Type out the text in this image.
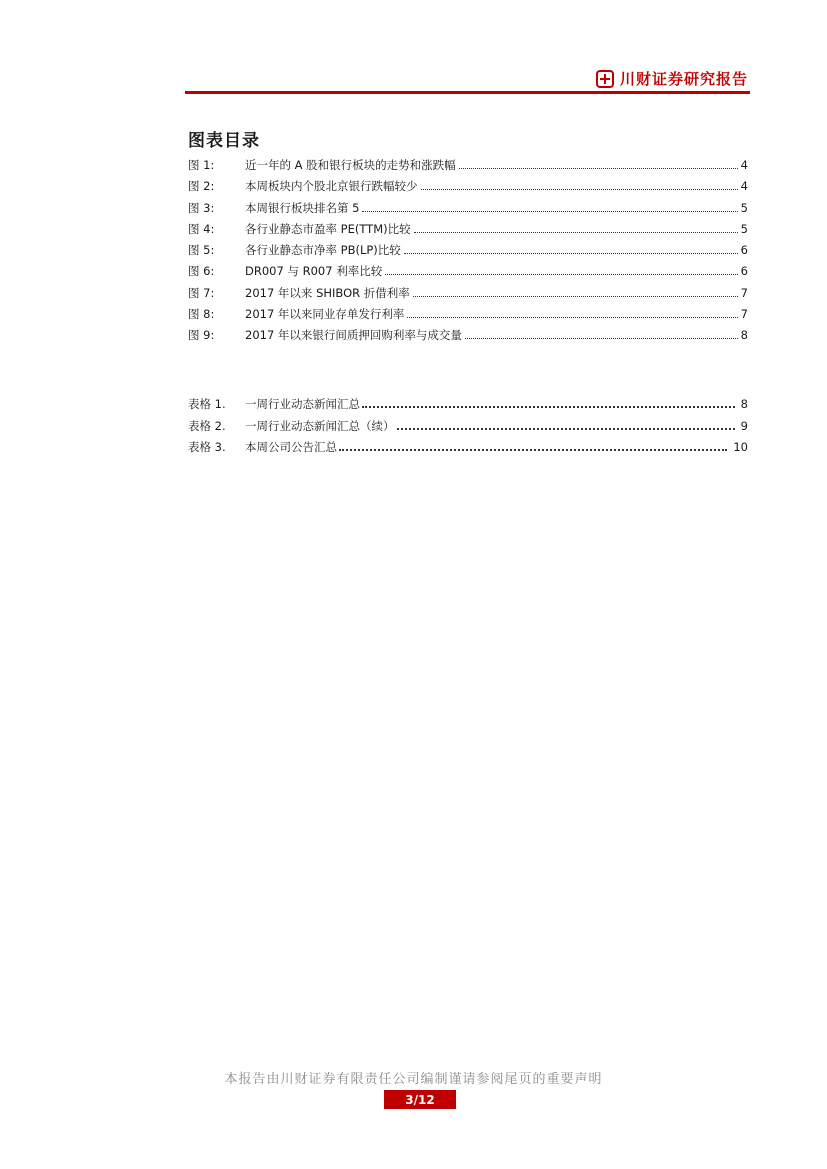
川财证券研究报告
图表目录
图 1:	近一年的 A 股和银行板块的走势和涨跌幅	4
图 2:	本周板块内个股北京银行跌幅较少	4
图 3:	本周银行板块排名第 5	5
图 4:	各行业静态市盈率 PE(TTM)比较	5
图 5:	各行业静态市净率 PB(LP)比较	6
图 6:	DR007 与 R007 利率比较	6
图 7:	2017 年以来 SHIBOR 折借利率	7
图 8:	2017 年以来同业存单发行利率	7
图 9:	2017 年以来银行间质押回购利率与成交量	8
表格 1.	一周行业动态新闻汇总	8
表格 2.	一周行业动态新闻汇总（续）	9
表格 3.	本周公司公告汇总	10
本报告由川财证券有限责任公司编制谨请参阅尾页的重要声明
3/12
